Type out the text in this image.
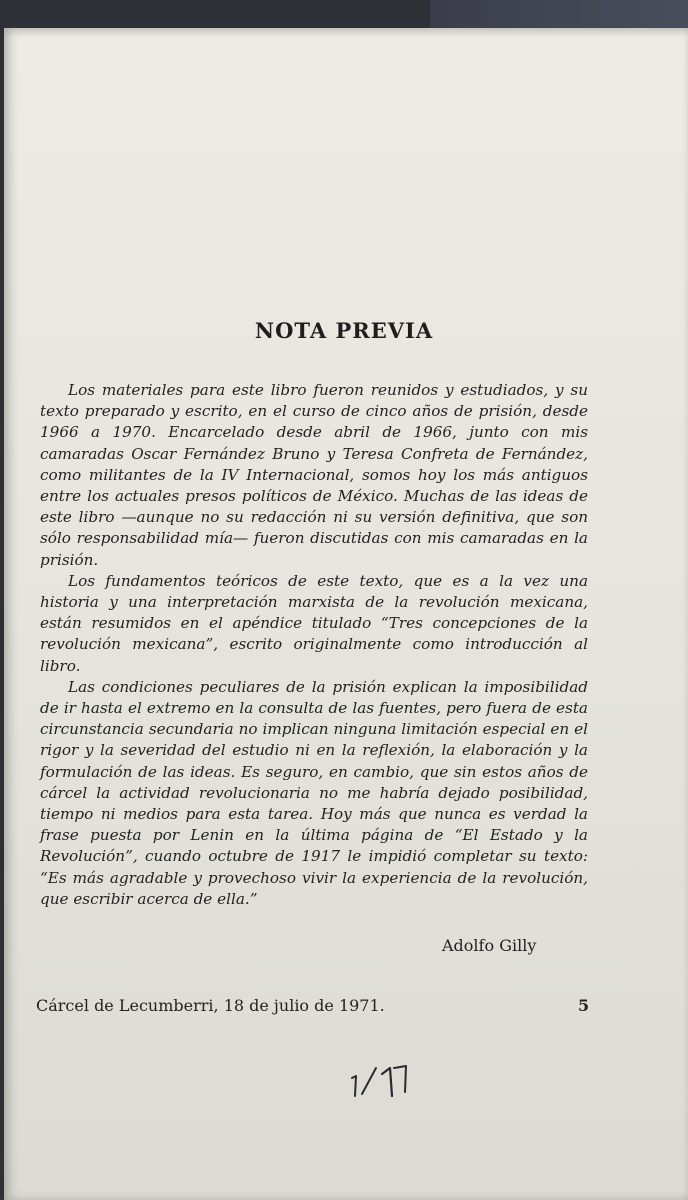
NOTA PREVIA

Los materiales para este libro fueron reunidos y estudiados, y su texto preparado y escrito, en el curso de cinco años de prisión, desde 1966 a 1970. Encarcelado desde abril de 1966, junto con mis camaradas Oscar Fernández Bruno y Teresa Confreta de Fernández, como militantes de la IV Internacional, somos hoy los más antiguos entre los actuales presos políticos de México. Muchas de las ideas de este libro —aunque no su redacción ni su versión definitiva, que son sólo responsabilidad mía— fueron discutidas con mis camaradas en la prisión.

Los fundamentos teóricos de este texto, que es a la vez una historia y una interpretación marxista de la revolución mexicana, están resumidos en el apéndice titulado “Tres concepciones de la revolución mexicana”, escrito originalmente como introducción al libro.

Las condiciones peculiares de la prisión explican la imposibilidad de ir hasta el extremo en la consulta de las fuentes, pero fuera de esta circunstancia secundaria no implican ninguna limitación especial en el rigor y la severidad del estudio ni en la reflexión, la elaboración y la formulación de las ideas. Es seguro, en cambio, que sin estos años de cárcel la actividad revolucionaria no me habría dejado posibilidad, tiempo ni medios para esta tarea. Hoy más que nunca es verdad la frase puesta por Lenin en la última página de “El Estado y la Revolución”, cuando octubre de 1917 le impidió completar su texto: “Es más agradable y provechoso vivir la experiencia de la revolución, que escribir acerca de ella.”

Adolfo Gilly
Cárcel de Lecumberri, 18 de julio de 1971.	5
